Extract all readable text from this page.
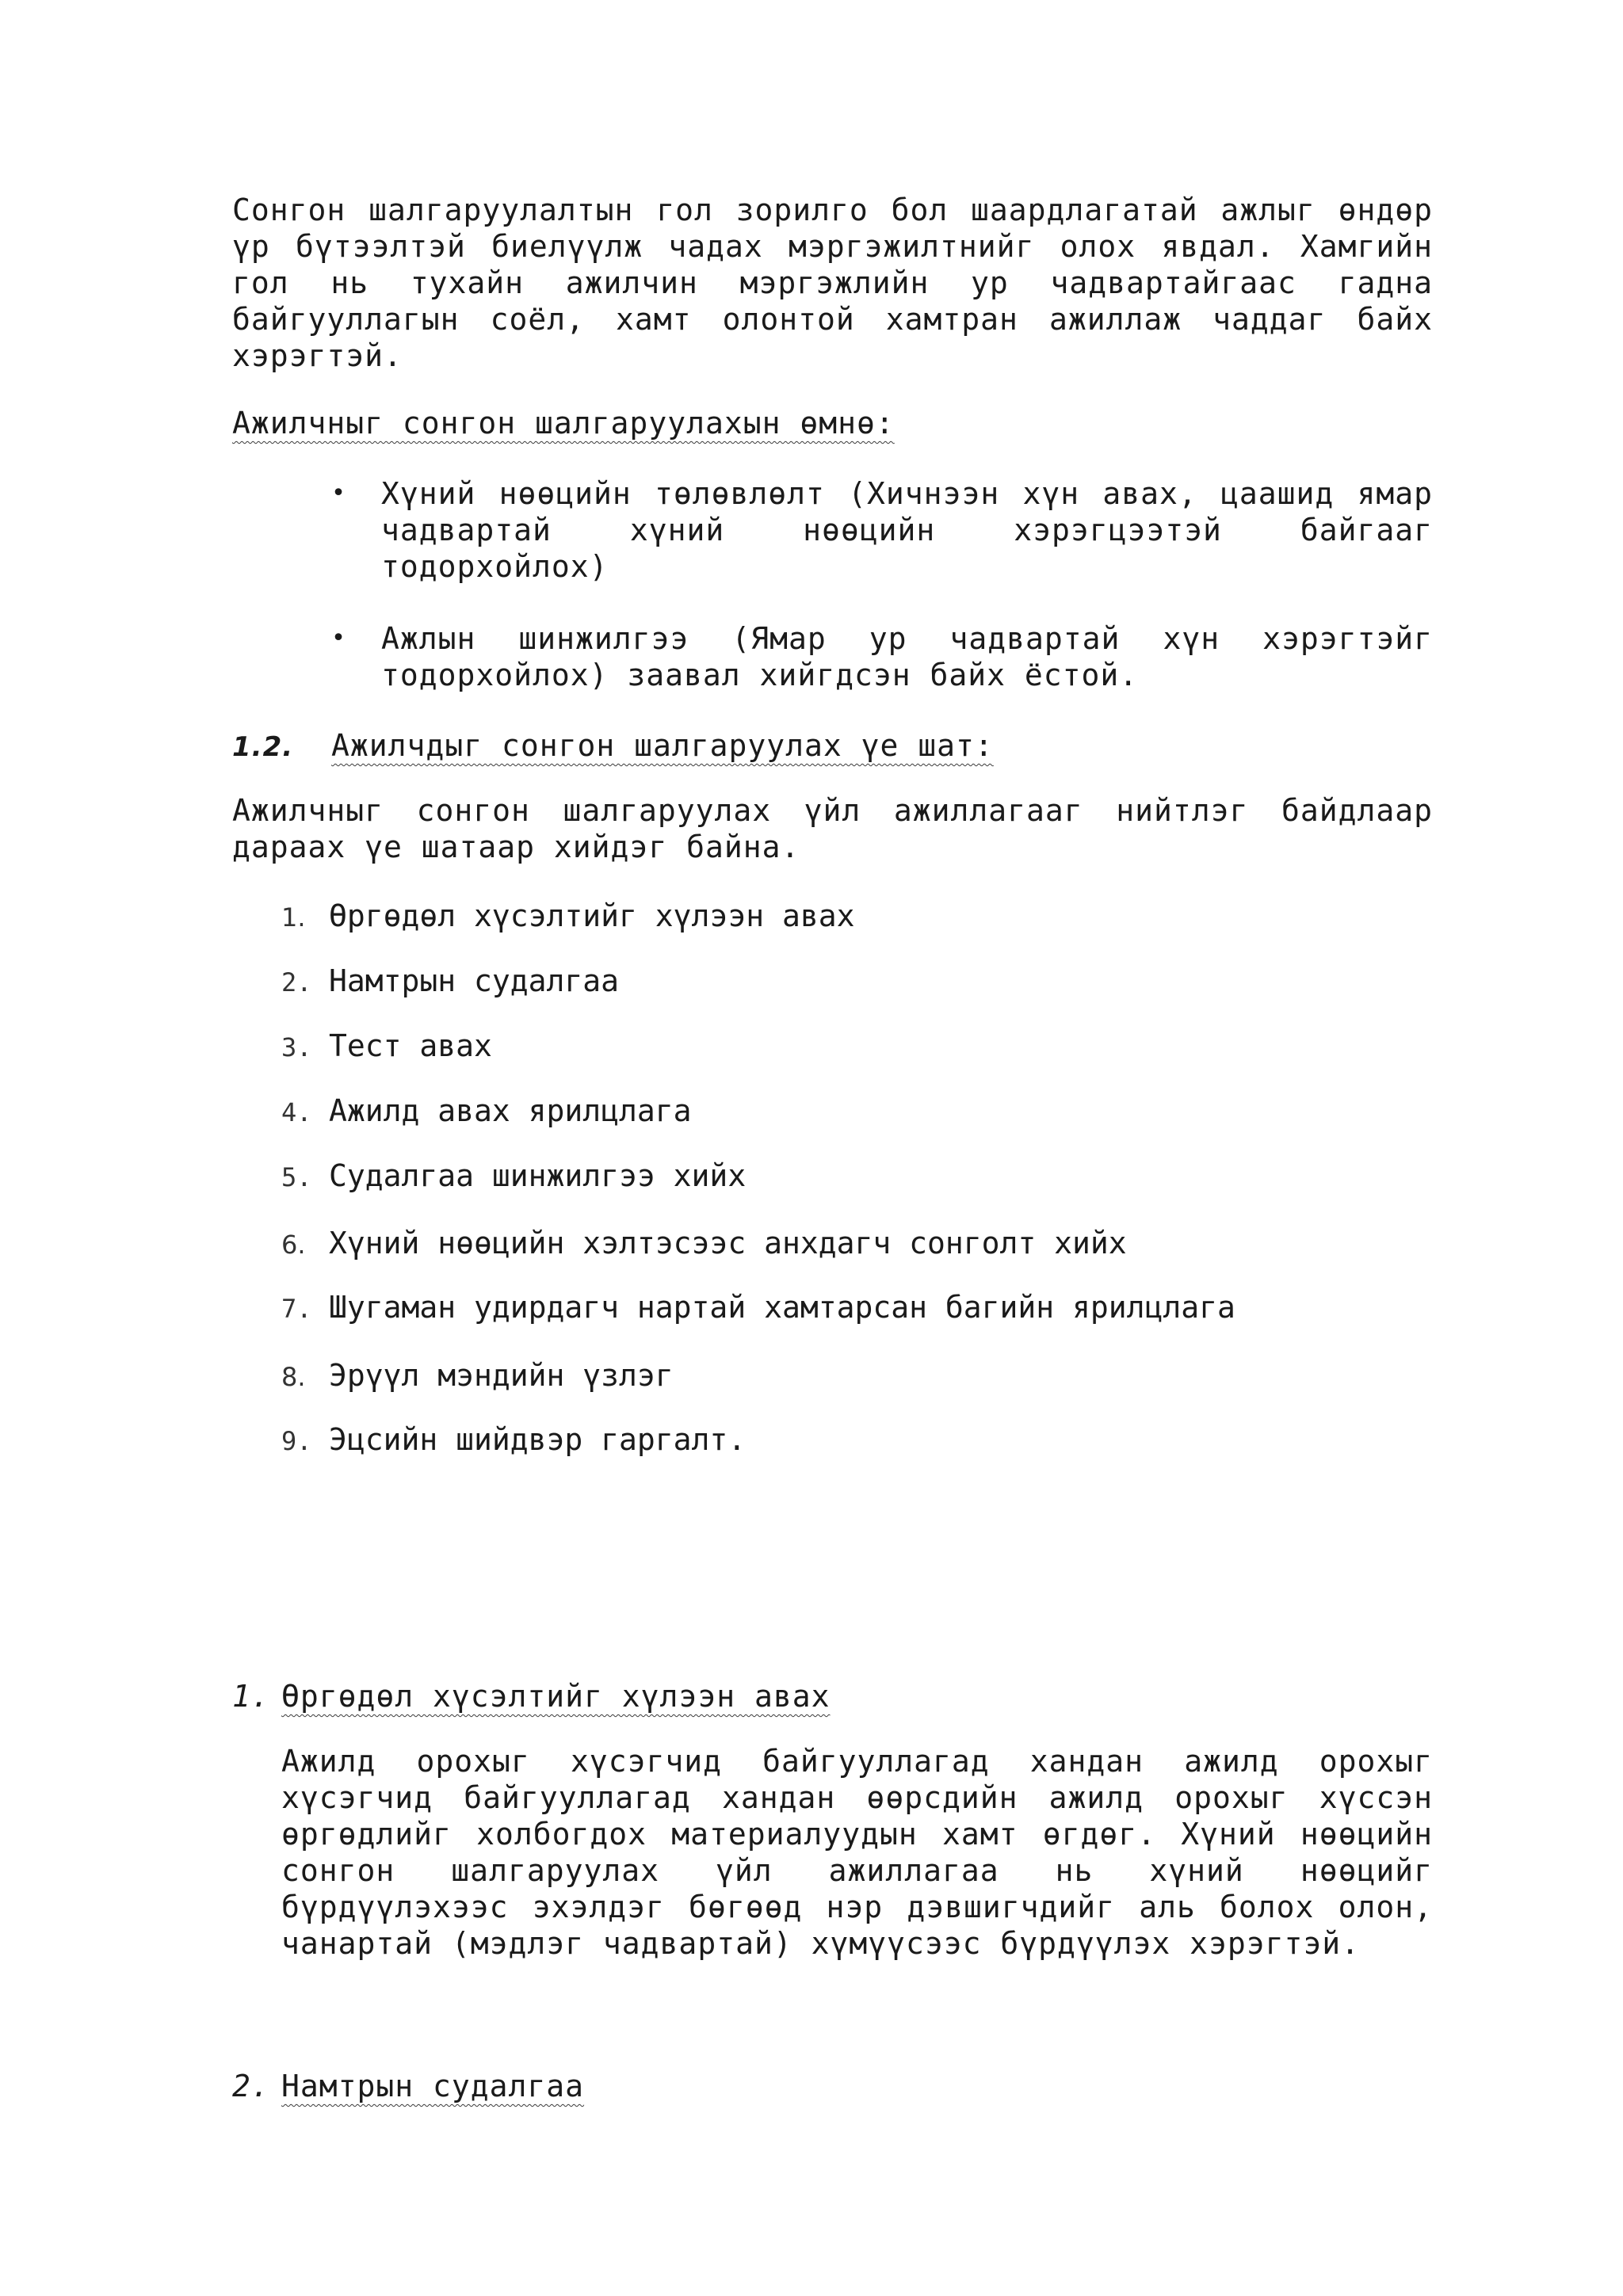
Сонгон шалгаруулалтын гол зорилго бол шаардлагатай ажлыг өндөр үр бүтээлтэй биелүүлж чадах мэргэжилтнийг олох явдал. Хамгийн гол нь тухайн ажилчин мэргэжлийн ур чадвартайгаас гадна байгууллагын соёл, хамт олонтой хамтран ажиллаж чаддаг байх хэрэгтэй.
Ажилчныг сонгон шалгаруулахын өмнө:
• Хүний нөөцийн төлөвлөлт (Хичнээн хүн авах, цаашид ямар чадвартай хүний нөөцийн хэрэгцээтэй байгааг тодорхойлох)
• Ажлын шинжилгээ (Ямар ур чадвартай хүн хэрэгтэйг тодорхойлох) заавал хийгдсэн байх ёстой.
1.2. Ажилчдыг сонгон шалгаруулах үе шат:
Ажилчныг сонгон шалгаруулах үйл ажиллагааг нийтлэг байдлаар дараах үе шатаар хийдэг байна.
1. Өргөдөл хүсэлтийг хүлээн авах
2. Намтрын судалгаа
3. Тест авах
4. Ажилд авах ярилцлага
5. Судалгаа шинжилгээ хийх
6. Хүний нөөцийн хэлтэсээс анхдагч сонголт хийх
7. Шугаман удирдагч нартай хамтарсан багийн ярилцлага
8. Эрүүл мэндийн үзлэг
9. Эцсийн шийдвэр гаргалт.
1. Өргөдөл хүсэлтийг хүлээн авах
Ажилд орохыг хүсэгчид байгууллагад хандан ажилд орохыг хүсэгчид байгууллагад хандан өөрсдийн ажилд орохыг хүссэн өргөдлийг холбогдох материалуудын хамт өгдөг. Хүний нөөцийн сонгон шалгаруулах үйл ажиллагаа нь хүний нөөцийг бүрдүүлэхээс эхэлдэг бөгөөд нэр дэвшигчдийг аль болох олон, чанартай (мэдлэг чадвартай) хүмүүсээс бүрдүүлэх хэрэгтэй.
2. Намтрын судалгаа
